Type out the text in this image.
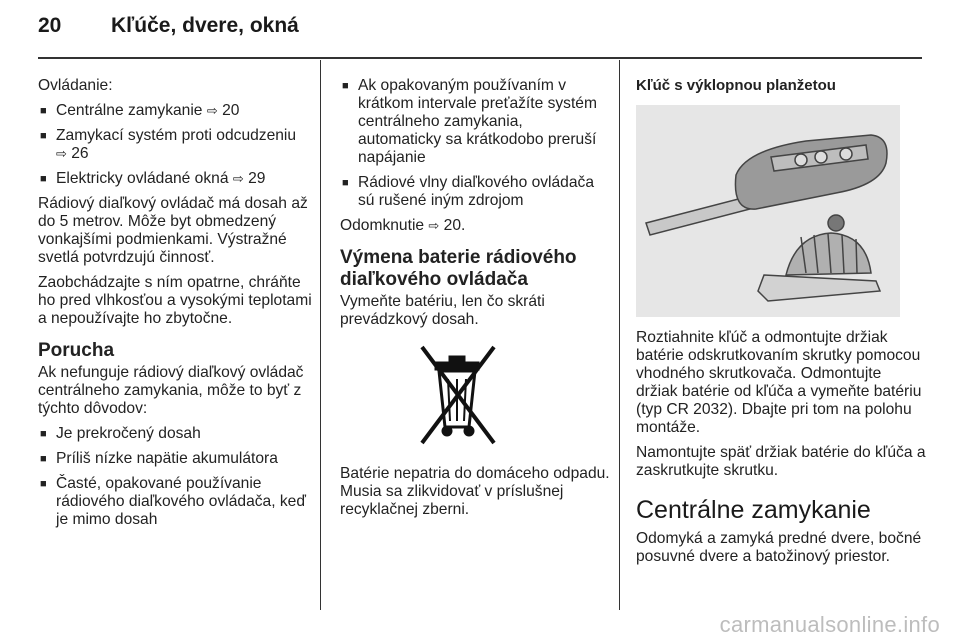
20 Kľúče, dvere, okná

Ovládanie:

■ Centrálne zamykanie ⇨ 20
■ Zamykací systém proti odcudzeniu
⇨ 26
■ Elektricky ovládané okná ⇨ 29

Rádiový diaľkový ovládač má dosah až do 5 metrov. Môže byt obmedzený vonkajšími podmienkami. Výstražné svetlá potvrdzujú činnosť.

Zaobchádzajte s ním opatrne, chráňte ho pred vlhkosťou a vysokými teplotami a nepoužívajte ho zbytočne.

Porucha

Ak nefunguje rádiový diaľkový ovládač centrálneho zamykania, môže to byť z týchto dôvodov:

■ Je prekročený dosah
■ Príliš nízke napätie akumulátora
■ Časté, opakované používanie rádiového diaľkového ovládača, keď je mimo dosah
■ Ak opakovaným používaním v krátkom intervale preťažíte systém centrálneho zamykania, automaticky sa krátkodobo preruší napájanie
■ Rádiové vlny diaľkového ovládača sú rušené iným zdrojom

Odomknutie ⇨ 20.

Výmena baterie rádiového diaľkového ovládača

Vymeňte batériu, len čo skráti prevádzkový dosah.

Batérie nepatria do domáceho odpadu. Musia sa zlikvidovať v príslušnej recyklačnej zberni.

Kľúč s výklopnou planžetou

Roztiahnite kľúč a odmontujte držiak batérie odskrutkovaním skrutky pomocou vhodného skrutkovača. Odmontujte držiak batérie od kľúča a vymeňte batériu (typ CR 2032). Dbajte pri tom na polohu montáže.

Namontujte späť držiak batérie do kľúča a zaskrutkujte skrutku.

Centrálne zamykanie

Odomyká a zamyká predné dvere, bočné posuvné dvere a batožinový priestor.

carmanualsonline.info
